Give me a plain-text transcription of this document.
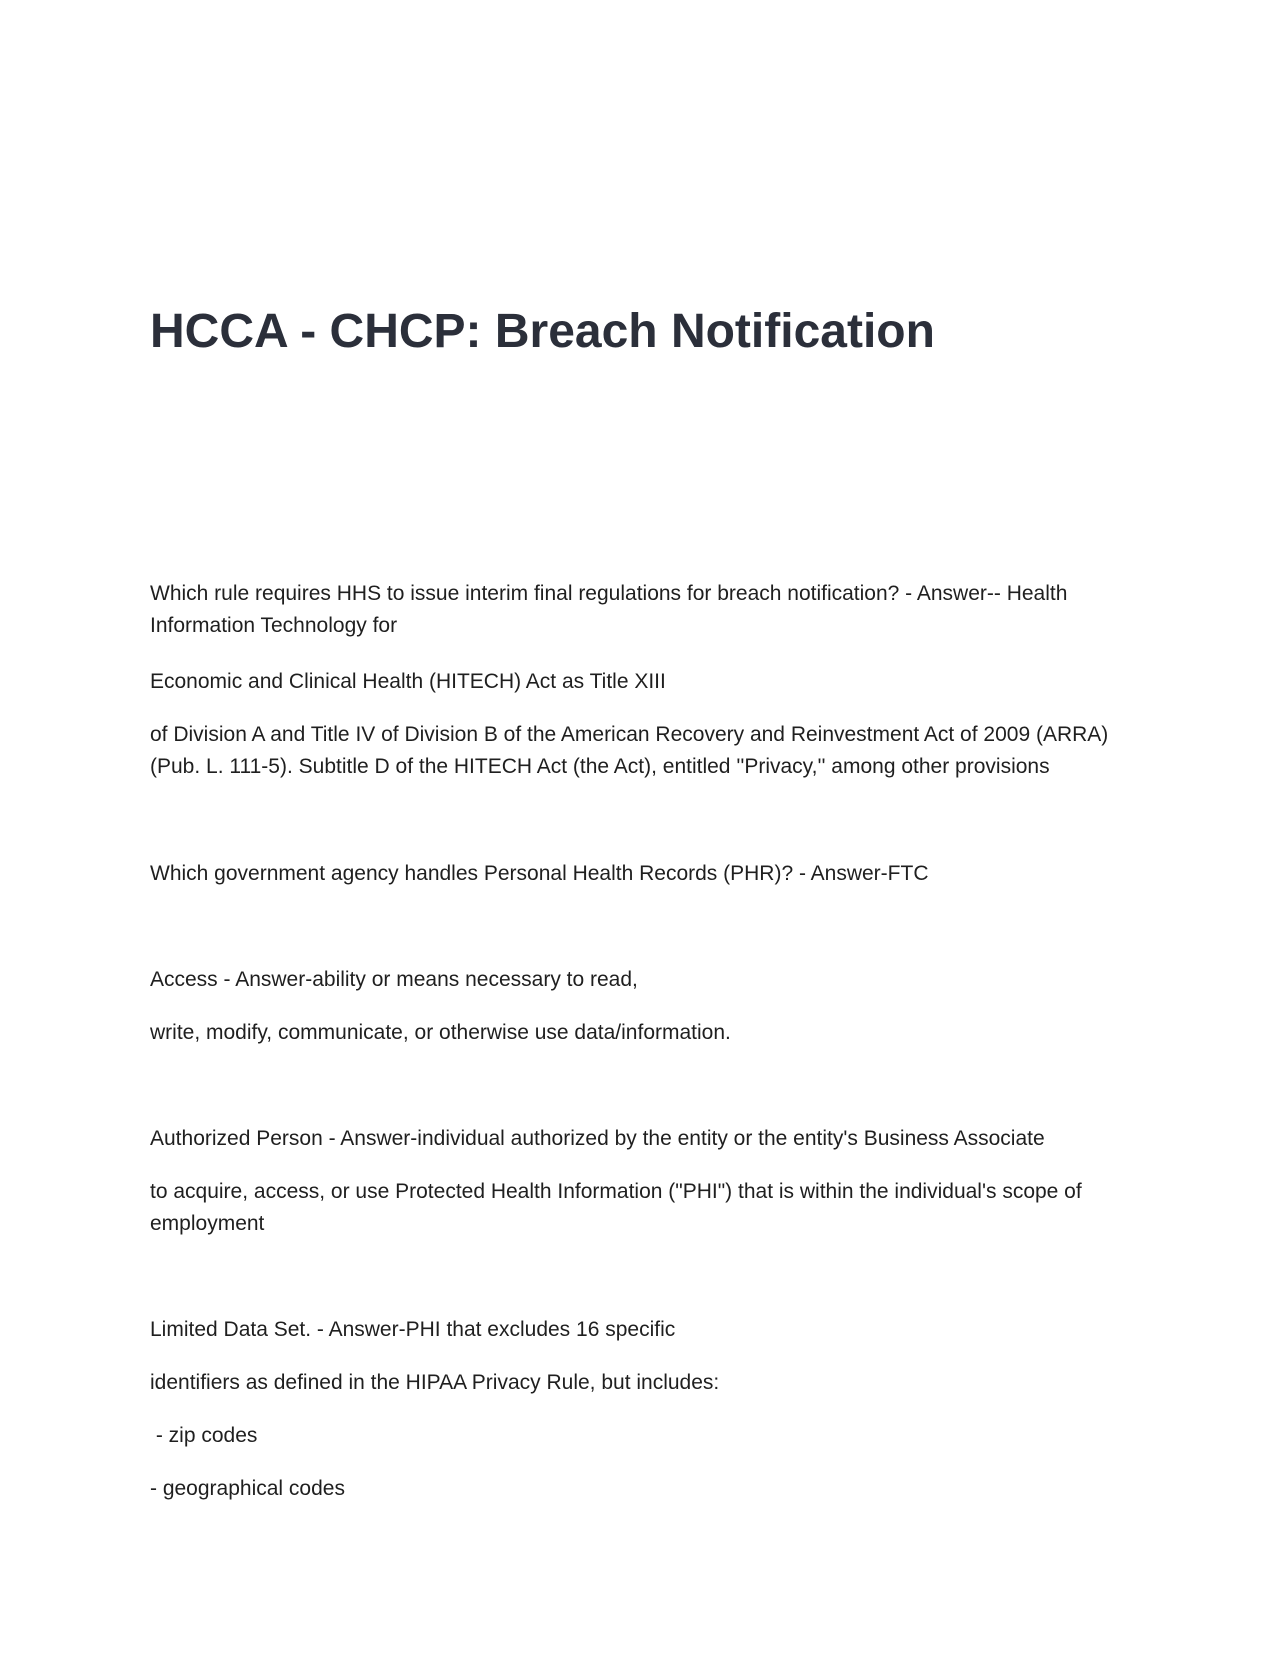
HCCA - CHCP: Breach Notification

Which rule requires HHS to issue interim final regulations for breach notification? - Answer-- Health Information Technology for

Economic and Clinical Health (HITECH) Act as Title XIII

of Division A and Title IV of Division B of the American Recovery and Reinvestment Act of 2009 (ARRA) (Pub. L. 111-5). Subtitle D of the HITECH Act (the Act), entitled ''Privacy,'' among other provisions

Which government agency handles Personal Health Records (PHR)? - Answer-FTC

Access - Answer-ability or means necessary to read,

write, modify, communicate, or otherwise use data/information.

Authorized Person - Answer-individual authorized by the entity or the entity's Business Associate

to acquire, access, or use Protected Health Information ("PHI") that is within the individual's scope of employment

Limited Data Set. - Answer-PHI that excludes 16 specific

identifiers as defined in the HIPAA Privacy Rule, but includes:

- zip codes

- geographical codes
